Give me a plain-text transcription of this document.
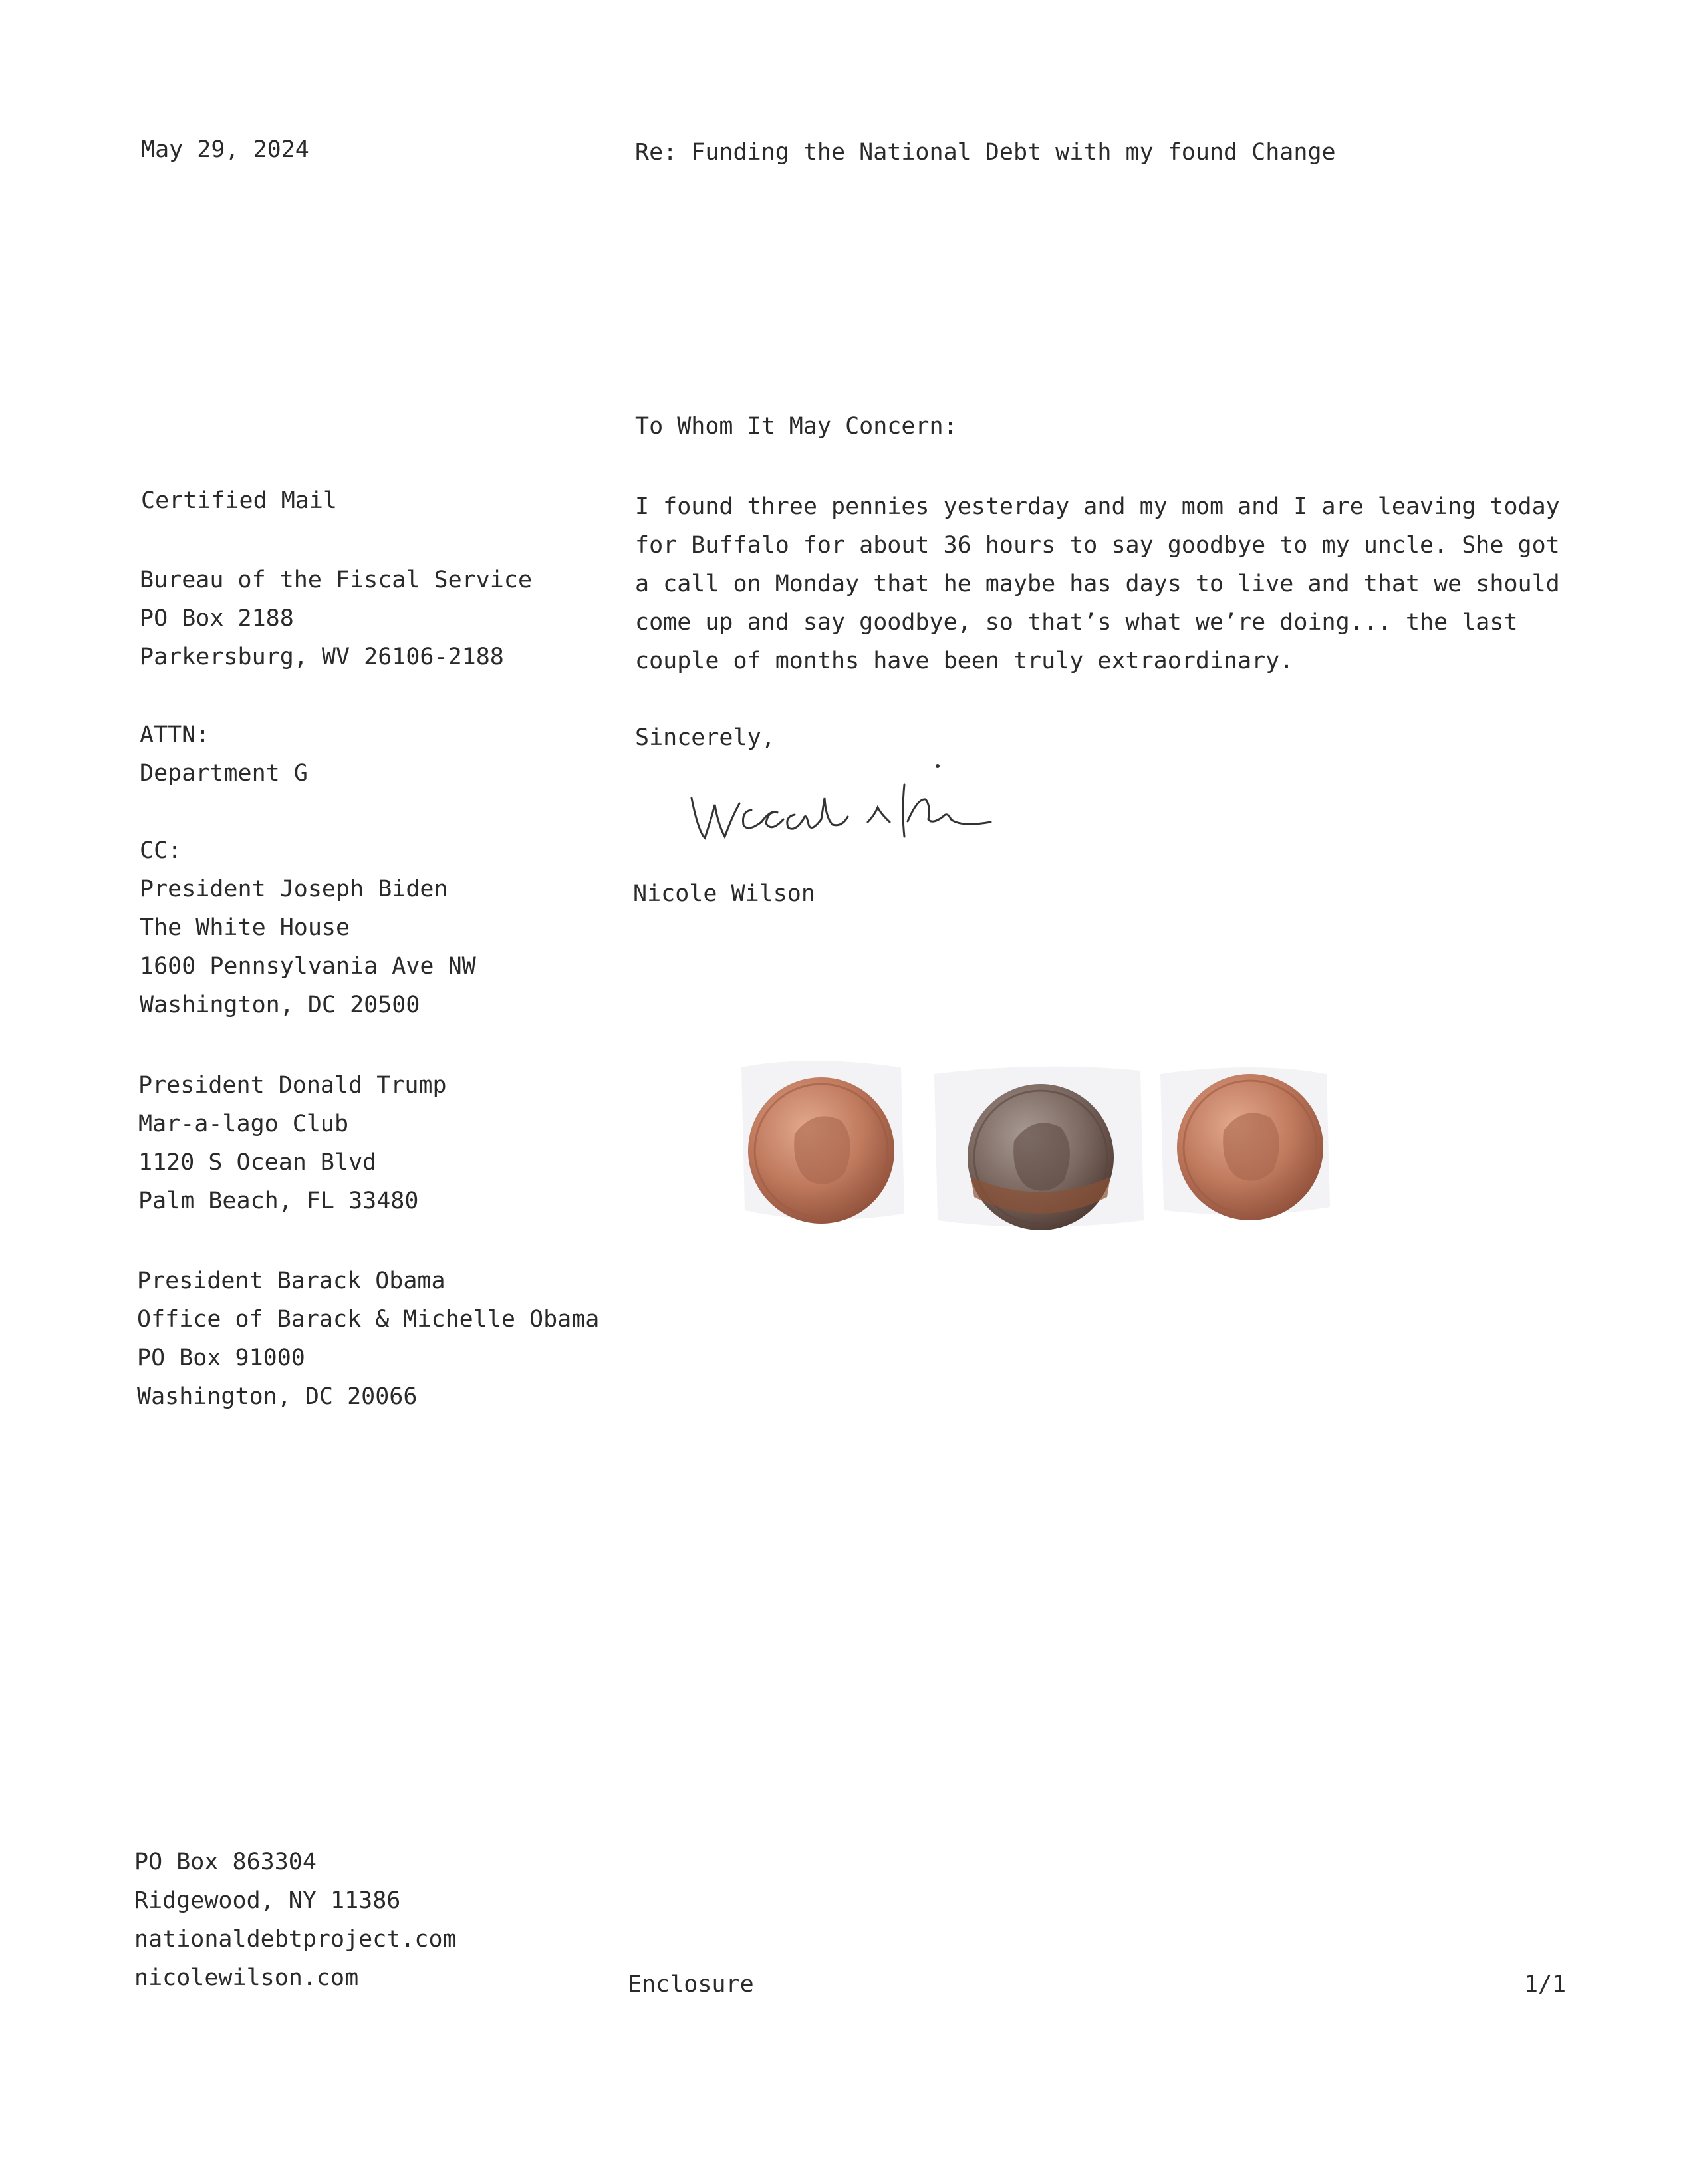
May 29, 2024	Re: Funding the National Debt with my found Change
To Whom It May Concern:
Certified Mail
Bureau of the Fiscal Service
PO Box 2188
Parkersburg, WV 26106-2188
ATTN:
Department G
CC:
President Joseph Biden
The White House
1600 Pennsylvania Ave NW
Washington, DC 20500
President Donald Trump
Mar-a-lago Club
1120 S Ocean Blvd
Palm Beach, FL 33480
President Barack Obama
Office of Barack & Michelle Obama
PO Box 91000
Washington, DC 20066
I found three pennies yesterday and my mom and I are leaving today
for Buffalo for about 36 hours to say goodbye to my uncle. She got
a call on Monday that he maybe has days to live and that we should
come up and say goodbye, so that’s what we’re doing... the last
couple of months have been truly extraordinary.
Sincerely,
Nicole Wilson
PO Box 863304
Ridgewood, NY 11386
nationaldebtproject.com
nicolewilson.com	Enclosure	1/1
